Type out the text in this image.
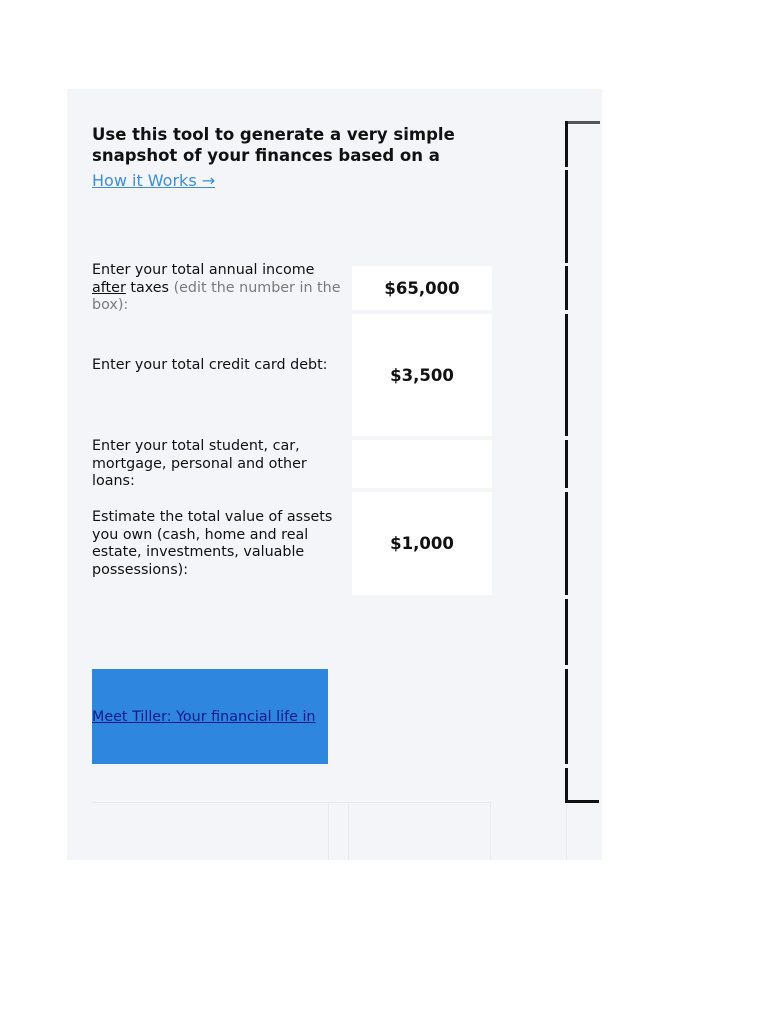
Use this tool to generate a very simple snapshot of your finances based on a
How it Works →
Enter your total annual income after taxes (edit the number in the box):
$65,000
Enter your total credit card debt:
$3,500
Enter your total student, car, mortgage, personal and other loans:
Estimate the total value of assets you own (cash, home and real estate, investments, valuable possessions):
$1,000
Meet Tiller: Your financial life in
